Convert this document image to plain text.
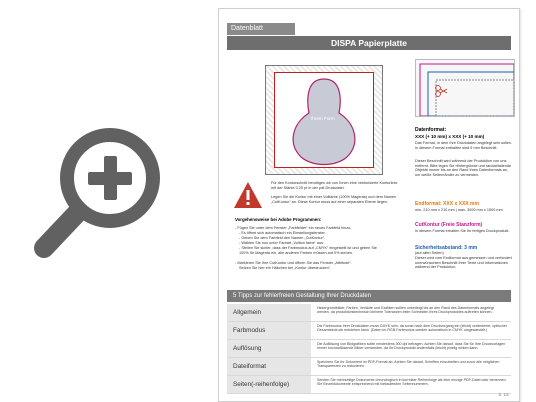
Datenblatt
DISPA Papierplatte
Ihrem Form
Datenformat:
XXX (+ 10 mm) x XXX (+ 10 mm)
Das Format, in dem Ihre Druckdaten angelegt sein sollen. In diesem Format enthalten sind 5 mm Beschnitt.
Dieser Beschnitt wird während der Produktion von uns entfernt. Bitte legen Sie Hintergründe und randabfallende Objekte immer bis an den Rand Ihres Datenformats an, um weiße Seitenränder zu vermeiden.
Endformat: XXX x XXX mm
min. 210 mm x 210 mm | max. 3000 mm x 1500 mm
CutKontur (Freie Stanzform)
In diesem Format erhalten Sie Ihr fertiges Druckprodukt.
Sicherheitsabstand: 3 mm
(auf allen Seiten)
Dieser wird vom Endformat aus gemessen und verhindert unerwünschten Beschnitt Ihrer Texte und Informationen während der Produktion.
Für den Konturschnitt benötigen wir von Ihnen eine vektorisierte Konturlinie mit der Stärke 0,25 pt in der pdf-Druckdatei.
Legen Sie die Kontur mit einer Vollfarbe (100% Magenta) und dem Namen „CutKontur“ an. Diese Kontur muss auf einer separaten Ebene liegen.
Vorgehensweise bei Adobe Programmen:
- Fügen Sie unter dem Fenster „Farbfelder“ ein neues Farbfeld hinzu.
- Es öffnet sich automatisch ein Einstellungsfenster.
- Geben Sie dem Farbfeld den Namen „CutKontur“.
- Wählen Sie nun unter Farbart „Vollton farbe“ aus.
- Stellen Sie sicher, dass der Farbmodus auf „CMYK“ eingestellt ist und geben Sie
100% für Magenta ein, alle anderen Farben müssen auf 0% stehen.
- Markieren Sie Ihre CutKontur und öffnen Sie das Fenster „Attribute“.
Setzen Sie hier ein Häkchen bei „Kontur überdrucken“.
5 Tipps zur fehlerfreien Gestaltung Ihrer Druckdaten
Allgemein
Hintergrundbilder, Farben, Verläufe und Grafiken sollten unbedingt bis an den Rand des Datenformats angelegt werden, da produktionstechnisch kleinere Toleranzen beim Schneiden Ihres Druckproduktes auftreten können.
Farbmodus
Die Farbmodus Ihrer Druckdaten muss CMYK sein, da sonst nach dem Druckvorgang ein (leicht) veränderter, optischer Gesamteindruck entstehen kann. (Daten im RGB-Farbmodus werden automatisch in CMYK umgewandelt.)
Auflösung
Die Auflösung von Bildgrafiken sollte mindestens 300 dpi betragen. Achten Sie darauf, dass Sie für Ihre Druckvorlagen immer hochauflösende Bilder verwenden, da Ihr Druckprodukt andernfalls (leicht) pixelig wirken kann.
Dateiformat
Speichern Sie Ihr Dokument im PDF-Format ab. Achten Sie darauf, Schriften einzubetten und zuvor alle möglichen Transparenzen zu reduzieren.
Seiten(-reihenfolge)
Senden Sie mehrseitige Dokumente chronologisch in korrekter Reihenfolge als eine einzige PDF-Datei oder benennen Sie Einzeldokumente entsprechend mit fortlaufenden Seitennummern.
S. 1/1
